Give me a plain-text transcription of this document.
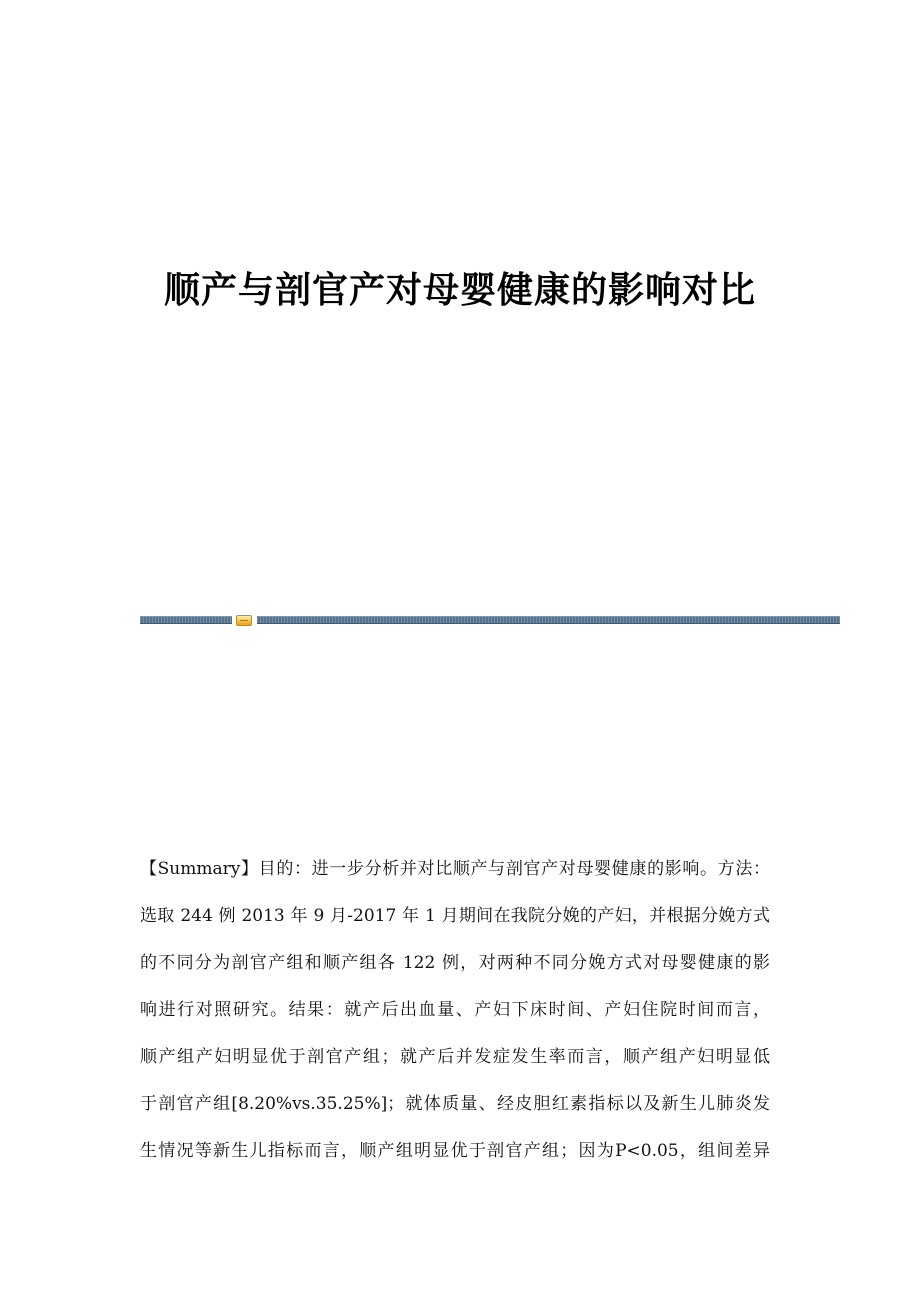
顺产与剖官产对母婴健康的影响对比
【Summary】目的：进一步分析并对比顺产与剖官产对母婴健康的影响。方法：
选取 244 例 2013 年 9 月-2017 年 1 月期间在我院分娩的产妇，并根据分娩方式
的不同分为剖官产组和顺产组各 122 例，对两种不同分娩方式对母婴健康的影
响进行对照研究。结果：就产后出血量、产妇下床时间、产妇住院时间而言，
顺产组产妇明显优于剖官产组；就产后并发症发生率而言，顺产组产妇明显低
于剖官产组[8.20%vs.35.25%]；就体质量、经皮胆红素指标以及新生儿肺炎发
生情况等新生儿指标而言，顺产组明显优于剖官产组；因为P<0.05，组间差异
